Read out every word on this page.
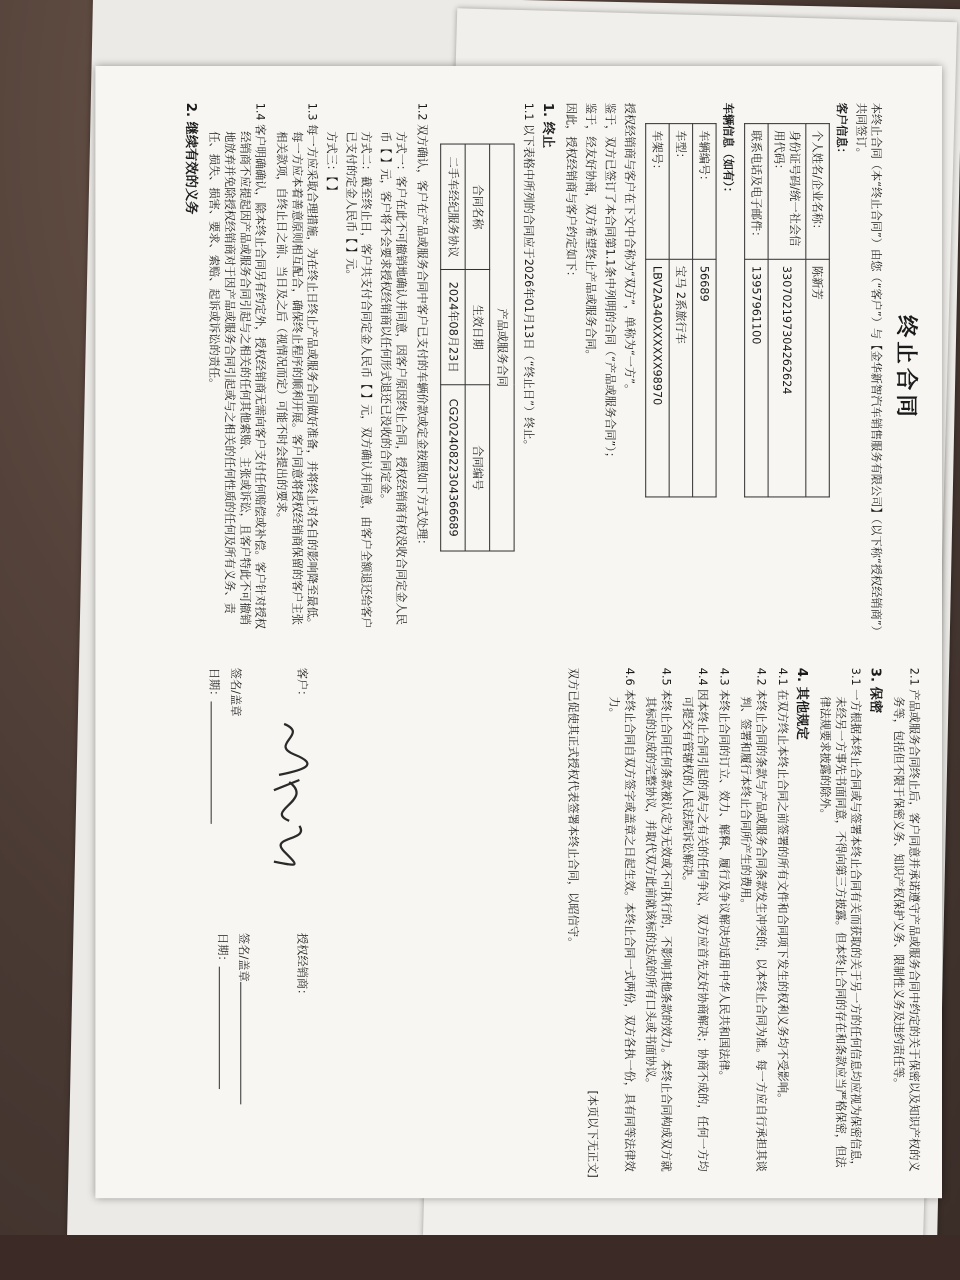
终止合同

本终止合同（本“终止合同”）由您（“客户”）与【金华新智汽车销售服务有限公司】（以下称“授权经销商”）共同签订。

客户信息：

个人姓名/企业名称：	陈新芳
身份证号码/统一社会信用代码：	330702197304262624
联系电话及电子邮件：	13957961100

车辆信息（如有）：

车辆编号：	56689
车型：	宝马 2系旅行车
车架号：	LBV2A340XXXXXX98970

授权经销商与客户在下文中合称为“双方”，单称为“一方”。

鉴于，双方已签订了本合同第1.1条中列明的合同（“产品或服务合同”）；

鉴于，经友好协商，双方希望终止产品或服务合同。

因此，授权经销商与客户约定如下：

1. 终止

1.1 以下表格中所列的合同应于2026年01月13日（“终止日”）终止。

产品或服务合同		
合同名称	生效日期	合同编号
二手车经纪服务协议	2024年08月23日	CG20240822304366689

1.2 双方确认，客户在产品或服务合同中客户已支付的车辆价款或定金按照如下方式处理：

方式一：客户在此不可撤销地确认并同意，因客户原因终止合同，授权经销商有权没收合同定金人民币【 】元，客户将不会要求授权经销商以任何形式退还已没收的合同定金。

方式二：截至终止日，客户共支付合同定金人民币【 】元，双方确认并同意，由客户全额退还给客户已支付的定金人民币【 】元。

方式三：【 】

1.3 每一方应采取合理措施，为在终止日终止产品或服务合同做好准备，并将终止对各自的影响降至最低。每一方应本着善意原则相互配合，确保终止程序的顺利开展。客户同意将授权经销商保留的客户主张相关款项，自终止日之前、当日及之后（视情况而定）可能不时会提出的要求。

1.4 客户明确确认，除本终止合同另有约定外，授权经销商无需向客户支付任何赔偿或补偿。客户针对授权经销商不应提起因产品或服务合同引起与之相关的任何其他索赔、主张或诉讼，且客户特此不可撤销地放弃并免除授权经销商对于因产品或服务合同引起或与之相关的任何性质的任何及所有义务、责任、损失、损害、要求、索赔、起诉或诉讼的责任。

2. 继续有效的义务

2.1 产品或服务合同终止后，客户同意并承诺遵守产品或服务合同中约定的关于保密以及知识产权的义务等，包括但不限于保密义务、知识产权保护义务、限制性义务及违约责任等。

3. 保密

3.1 一方根据本终止合同或与签署本终止合同有关而获取的关于另一方的任何信息均应视为保密信息，未经另一方事先书面同意，不得向第三方披露。但本终止合同的存在和条款应当严格保密，但法律法规要求披露的除外。

4. 其他规定

4.1 在双方终止本终止合同之前签署的所有文件和合同项下发生的权利义务均不受影响。

4.2 本终止合同的条款与产品或服务合同条款发生冲突的，以本终止合同为准。每一方应自行承担其谈判、签署和履行本终止合同所产生的费用。

4.3 本终止合同的订立、效力、解释、履行及争议解决均适用中华人民共和国法律。

4.4 因本终止合同引起的或与之有关的任何争议，双方应首先友好协商解决；协商不成的，任何一方均可提交有管辖权的人民法院诉讼解决。

4.5 本终止合同任何条款被认定为无效或不可执行的，不影响其他条款的效力。本终止合同构成双方就其标的达成的完整协议，并取代双方此前就该标的达成的所有口头或书面协议。

4.6 本终止合同自双方签字或盖章之日起生效。本终止合同一式两份，双方各执一份，具有同等法律效力。

[本页以下无正文]

双方已促使其正式授权代表签署本终止合同，以昭信守。

客户：

签名/盖章

日期：

授权经销商：

签名/盖章

日期：
